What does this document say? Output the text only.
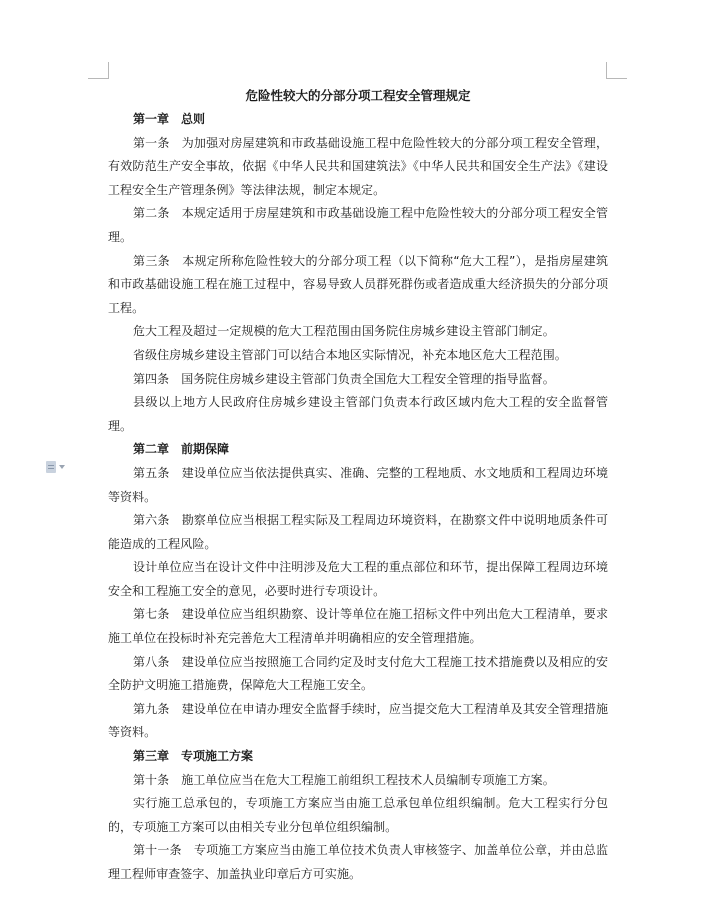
危险性较大的分部分项工程安全管理规定

第一章　总则

第一条　为加强对房屋建筑和市政基础设施工程中危险性较大的分部分项工程安全管理，有效防范生产安全事故，依据《中华人民共和国建筑法》《中华人民共和国安全生产法》《建设工程安全生产管理条例》等法律法规，制定本规定。

第二条　本规定适用于房屋建筑和市政基础设施工程中危险性较大的分部分项工程安全管理。

第三条　本规定所称危险性较大的分部分项工程（以下简称“危大工程”），是指房屋建筑和市政基础设施工程在施工过程中，容易导致人员群死群伤或者造成重大经济损失的分部分项工程。

危大工程及超过一定规模的危大工程范围由国务院住房城乡建设主管部门制定。

省级住房城乡建设主管部门可以结合本地区实际情况，补充本地区危大工程范围。

第四条　国务院住房城乡建设主管部门负责全国危大工程安全管理的指导监督。

县级以上地方人民政府住房城乡建设主管部门负责本行政区域内危大工程的安全监督管理。

第二章　前期保障

第五条　建设单位应当依法提供真实、准确、完整的工程地质、水文地质和工程周边环境等资料。

第六条　勘察单位应当根据工程实际及工程周边环境资料，在勘察文件中说明地质条件可能造成的工程风险。

设计单位应当在设计文件中注明涉及危大工程的重点部位和环节，提出保障工程周边环境安全和工程施工安全的意见，必要时进行专项设计。

第七条　建设单位应当组织勘察、设计等单位在施工招标文件中列出危大工程清单，要求施工单位在投标时补充完善危大工程清单并明确相应的安全管理措施。

第八条　建设单位应当按照施工合同约定及时支付危大工程施工技术措施费以及相应的安全防护文明施工措施费，保障危大工程施工安全。

第九条　建设单位在申请办理安全监督手续时，应当提交危大工程清单及其安全管理措施等资料。

第三章　专项施工方案

第十条　施工单位应当在危大工程施工前组织工程技术人员编制专项施工方案。

实行施工总承包的，专项施工方案应当由施工总承包单位组织编制。危大工程实行分包的，专项施工方案可以由相关专业分包单位组织编制。

第十一条　专项施工方案应当由施工单位技术负责人审核签字、加盖单位公章，并由总监理工程师审查签字、加盖执业印章后方可实施。
